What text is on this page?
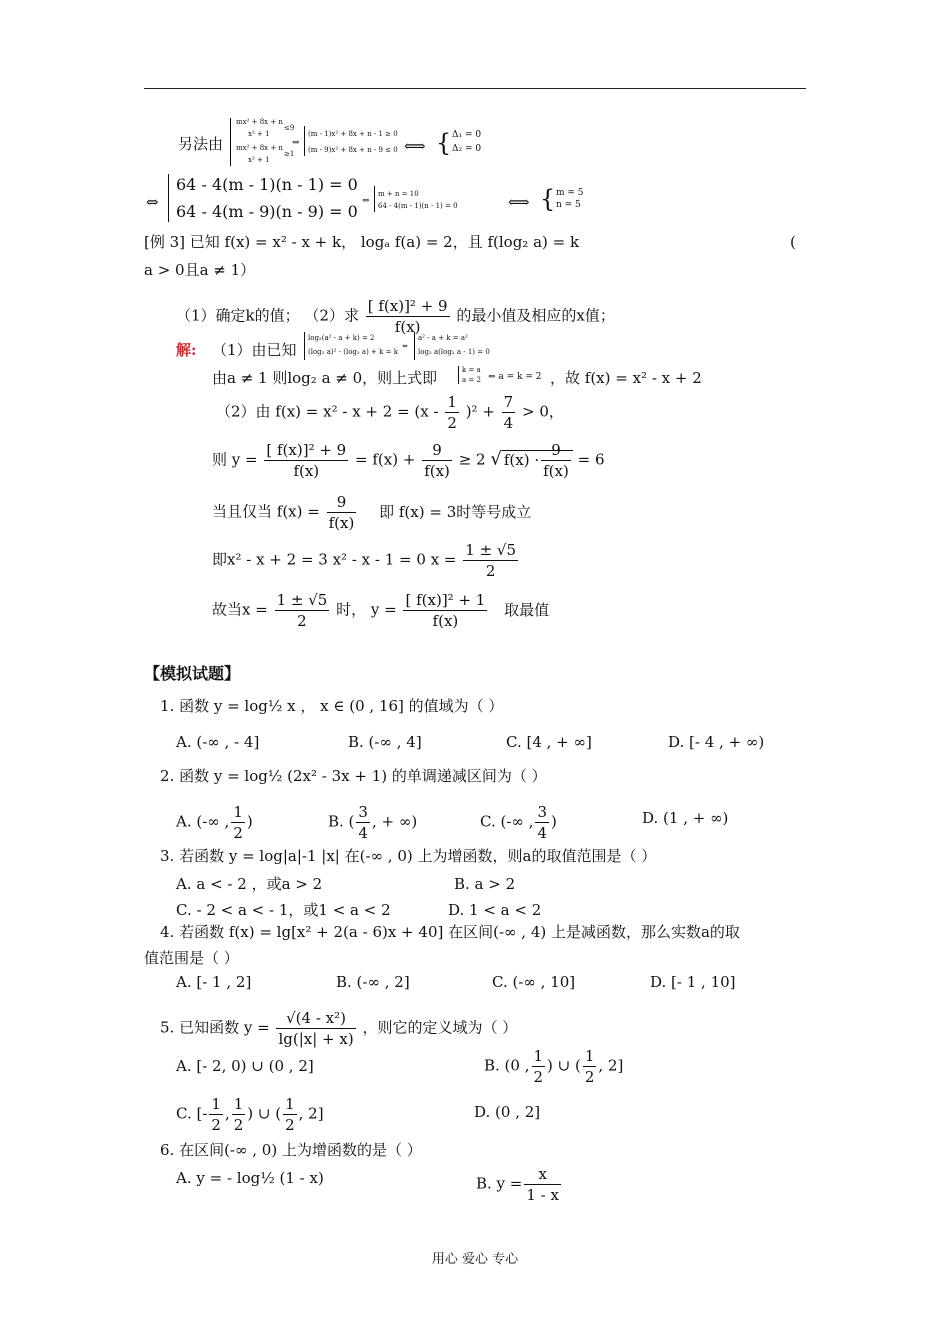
另法由
mx² + 8x + n
≤9
x² + 1
mx² + 8x + n
≥1
x² + 1
⇔
(m - 1)x² + 8x + n - 1 ≥ 0
(m - 9)x² + 8x + n - 9 ≤ 0 ⟺ { Δ₁ = 0
Δ₂ = 0
⇔
64 - 4(m - 1)(n - 1) = 0
64 - 4(m - 9)(n - 9) = 0
⇔
m + n = 10
64 - 4(m - 1)(n - 1) = 0	⟺ { m = 5
n = 5
[例 3] 已知 f(x) = x² - x + k， logₐ f(a) = 2，且 f(log₂ a) = k	(
a > 0且a ≠ 1）
（1）确定k的值； （2）求 $\frac{\text{[ f(x)]² + 9}}{f(x)}$ 的最小值及相应的x值；
解: （1）由已知
log₂(a² - a + k) = 2
(log₂ a)² - (log₂ a) + k = k
⇔
a² - a + k = a²
log₂ a(log₂ a - 1) = 0
由a ≠ 1 则log₂ a ≠ 0，则上式即	k = a
a = 2 ⇔ a = k = 2 ，故 f(x) = x² - x + 2
（2）由 $f(x) = x^2 - x + 2 = (x - \frac{1}{2} )^2 + \frac{7}{4} > 0$，
则 $y = \frac{\text{[ f(x)]² + 9}}{f(x)} = f(x) + \frac{9}{f(x)} \ge 2$ √ $f(x) \cdot \frac{9}{f(x)} = 6$
当且仅当 $f(x) = \frac{9}{f(x)}$ 即 f(x) = 3时等号成立
即x² - x + 2 = 3 x² - x - 1 = 0 $x = \frac{1 \pm √5}{2}$
故当$x = \frac{1 \pm √5}{2}$ 时， $y = \frac{\text{[ f(x)]² + 1}}{f(x)}$ 取最值
【模拟试题】
1. 函数 y = log½ x ， x ∈ (0 , 16] 的值域为（ ）
A. (-∞ , - 4]	B. (-∞ , 4]	C. [4 , + ∞]	D. [- 4 , + ∞)
2. 函数 y = log½ (2x² - 3x + 1) 的单调递减区间为（ ）
A. (-∞ , $\frac{1}{2}$ )	B. ( $\frac{3}{4}$ , + ∞)	C. (-∞ , $\frac{3}{4}$ )	D. (1 , + ∞)
3. 若函数 y = log|a|-1 |x| 在(-∞ , 0) 上为增函数，则a的取值范围是（ ）
A. a < - 2 ，或a > 2	B. a > 2
C. - 2 < a < - 1，或1 < a < 2	D. 1 < a < 2
4. 若函数 f(x) = lg[x² + 2(a - 6)x + 40] 在区间(-∞ , 4) 上是减函数，那么实数a的取
值范围是（ ）
A. [- 1 , 2]	B. (-∞ , 2]	C. (-∞ , 10]	D. [- 1 , 10]
5. 已知函数 $y = \frac{\text{√(4 - x²)}}{\lg(|x| + x)}$ ，则它的定义域为（ ）
A. [- 2, 0) ∪ (0 , 2]	B. (0 , $\frac{1}{2}$ ) ∪ ( $\frac{1}{2}$ , 2]
C. [- $\frac{1}{2}$ , $\frac{1}{2}$ ) ∪ ( $\frac{1}{2}$ , 2]	D. (0 , 2]
6. 在区间(-∞ , 0) 上为增函数的是（ ）
A. y = - log½ (1 - x)	B. $y = \frac{x}{1 - x}$
用心 爱心 专心
